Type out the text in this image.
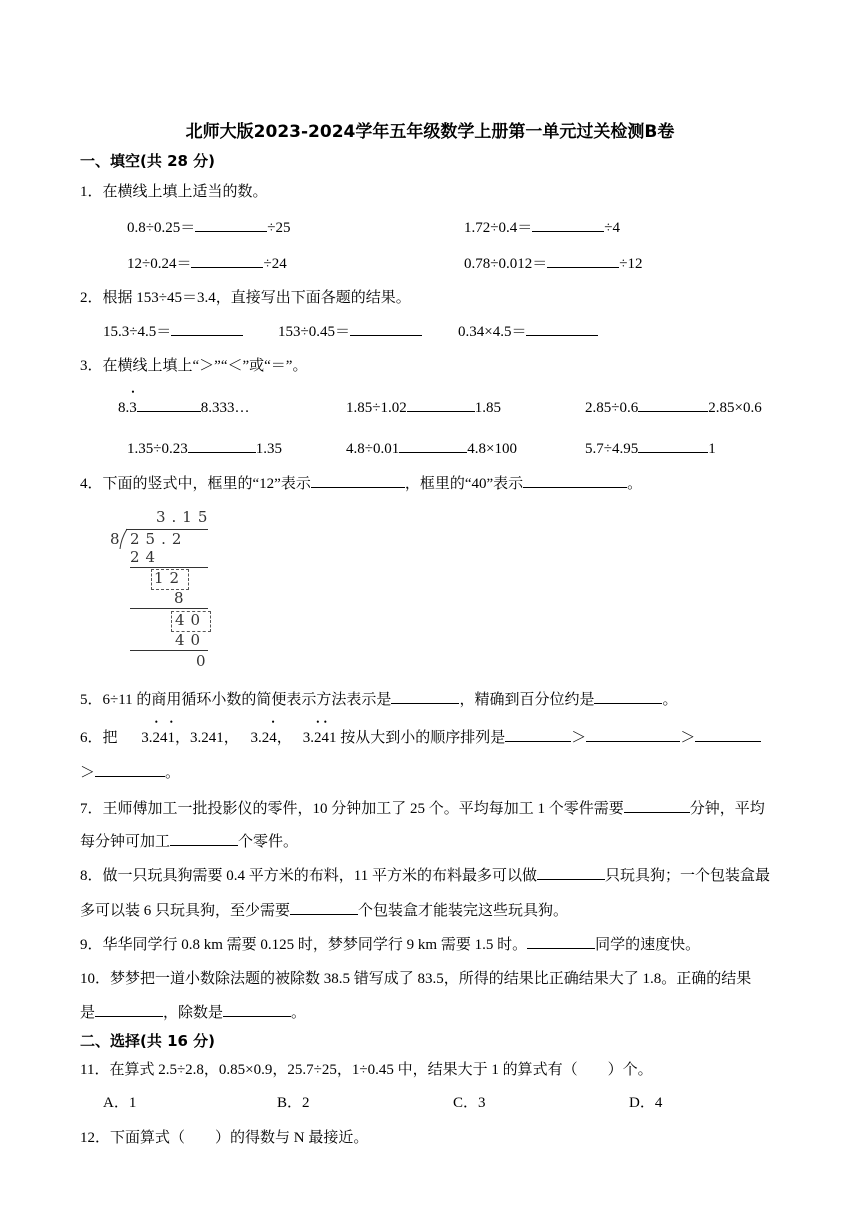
北师大版2023-2024学年五年级数学上册第一单元过关检测B卷
一、填空(共 28 分)
1．在横线上填上适当的数。
0.8÷0.25＝	÷25	1.72÷0.4＝	÷4
12÷0.24＝	÷24	0.78÷0.012＝	÷12
2．根据 153÷45＝3.4，直接写出下面各题的结果。
15.3÷4.5＝	153÷0.45＝	0.34×4.5＝
3．在横线上填上“＞”“＜”或“＝”。
8.• 3	8.333…	1.85÷1.02	1.85	2.85÷0.6	2.85×0.6
1.35÷0.23	1.35	4.8÷0.01	4.8×100	5.7÷4.95	1
4．下面的竖式中，框里的“12”表示	，框里的“40”表示	。
3.15
8 25.2
24
12
8
40
40
0
5．6÷11 的商用循环小数的简便表示方法表示是	，精确到百分位约是	。
6．把 3.• 24• 1，3.241， 3.2• 4， 3.• 2• 41 按从大到小的顺序排列是	＞	＞
＞	。
7．王师傅加工一批投影仪的零件，10 分钟加工了 25 个。平均每加工 1 个零件需要	分钟，平均
每分钟可加工	个零件。
8．做一只玩具狗需要 0.4 平方米的布料，11 平方米的布料最多可以做	只玩具狗；一个包装盒最
多可以装 6 只玩具狗，至少需要	个包装盒才能装完这些玩具狗。
9．华华同学行 0.8 km 需要 0.125 时，梦梦同学行 9 km 需要 1.5 时。	同学的速度快。
10．梦梦把一道小数除法题的被除数 38.5 错写成了 83.5，所得的结果比正确结果大了 1.8。正确的结果
是	，除数是	。
二、选择(共 16 分)
11．在算式 2.5÷2.8，0.85×0.9，25.7÷25，1÷0.45 中，结果大于 1 的算式有（　　）个。
A．1	B．2	C．3	D．4
12．下面算式（　　）的得数与 N 最接近。
